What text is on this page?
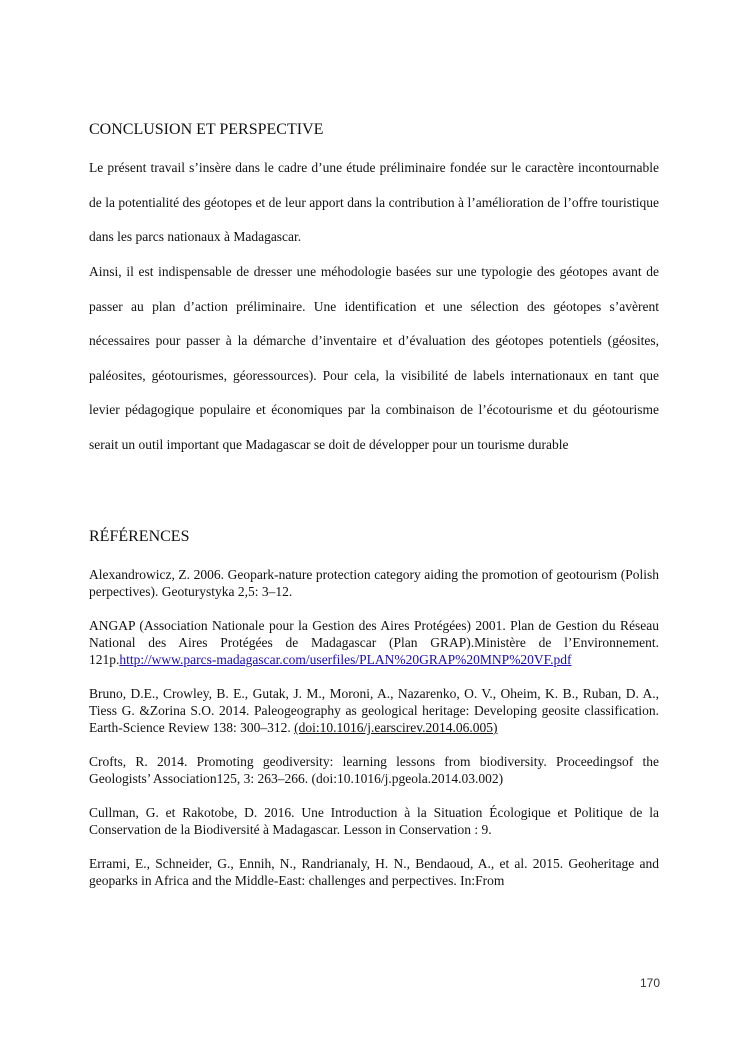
CONCLUSION ET PERSPECTIVE

Le présent travail s’insère dans le cadre d’une étude préliminaire fondée sur le caractère incontournable de la potentialité des géotopes et de leur apport dans la contribution à l’amélioration de l’offre touristique dans les parcs nationaux à Madagascar.

Ainsi, il est indispensable de dresser une méhodologie basées sur une typologie des géotopes avant de passer au plan d’action préliminaire. Une identification et une sélection des géotopes s’avèrent nécessaires pour passer à la démarche d’inventaire et d’évaluation des géotopes potentiels (géosites, paléosites, géotourismes, géoressources). Pour cela, la visibilité de labels internationaux en tant que levier pédagogique populaire et économiques par la combinaison de l’écotourisme et du géotourisme serait un outil important que Madagascar se doit de développer pour un tourisme durable

RÉFÉRENCES

Alexandrowicz, Z. 2006. Geopark-nature protection category aiding the promotion of geotourism (Polish perpectives). Geoturystyka 2,5: 3–12.

ANGAP (Association Nationale pour la Gestion des Aires Protégées) 2001. Plan de Gestion du Réseau National des Aires Protégées de Madagascar (Plan GRAP).Ministère de l’Environnement. 121p.http://www.parcs-madagascar.com/userfiles/PLAN%20GRAP%20MNP%20VF.pdf

Bruno, D.E., Crowley, B. E., Gutak, J. M., Moroni, A., Nazarenko, O. V., Oheim, K. B., Ruban, D. A., Tiess G. &Zorina S.O. 2014. Paleogeography as geological heritage: Developing geosite classification. Earth-Science Review 138: 300–312. (doi:10.1016/j.earscirev.2014.06.005)

Crofts, R. 2014. Promoting geodiversity: learning lessons from biodiversity. Proceedingsof the Geologists’ Association125, 3: 263–266. (doi:10.1016/j.pgeola.2014.03.002)

Cullman, G. et Rakotobe, D. 2016. Une Introduction à la Situation Écologique et Politique de la Conservation de la Biodiversité à Madagascar. Lesson in Conservation : 9.

Errami, E., Schneider, G., Ennih, N., Randrianaly, H. N., Bendaoud, A., et al. 2015. Geoheritage and geoparks in Africa and the Middle-East: challenges and perpectives. In:From

170
